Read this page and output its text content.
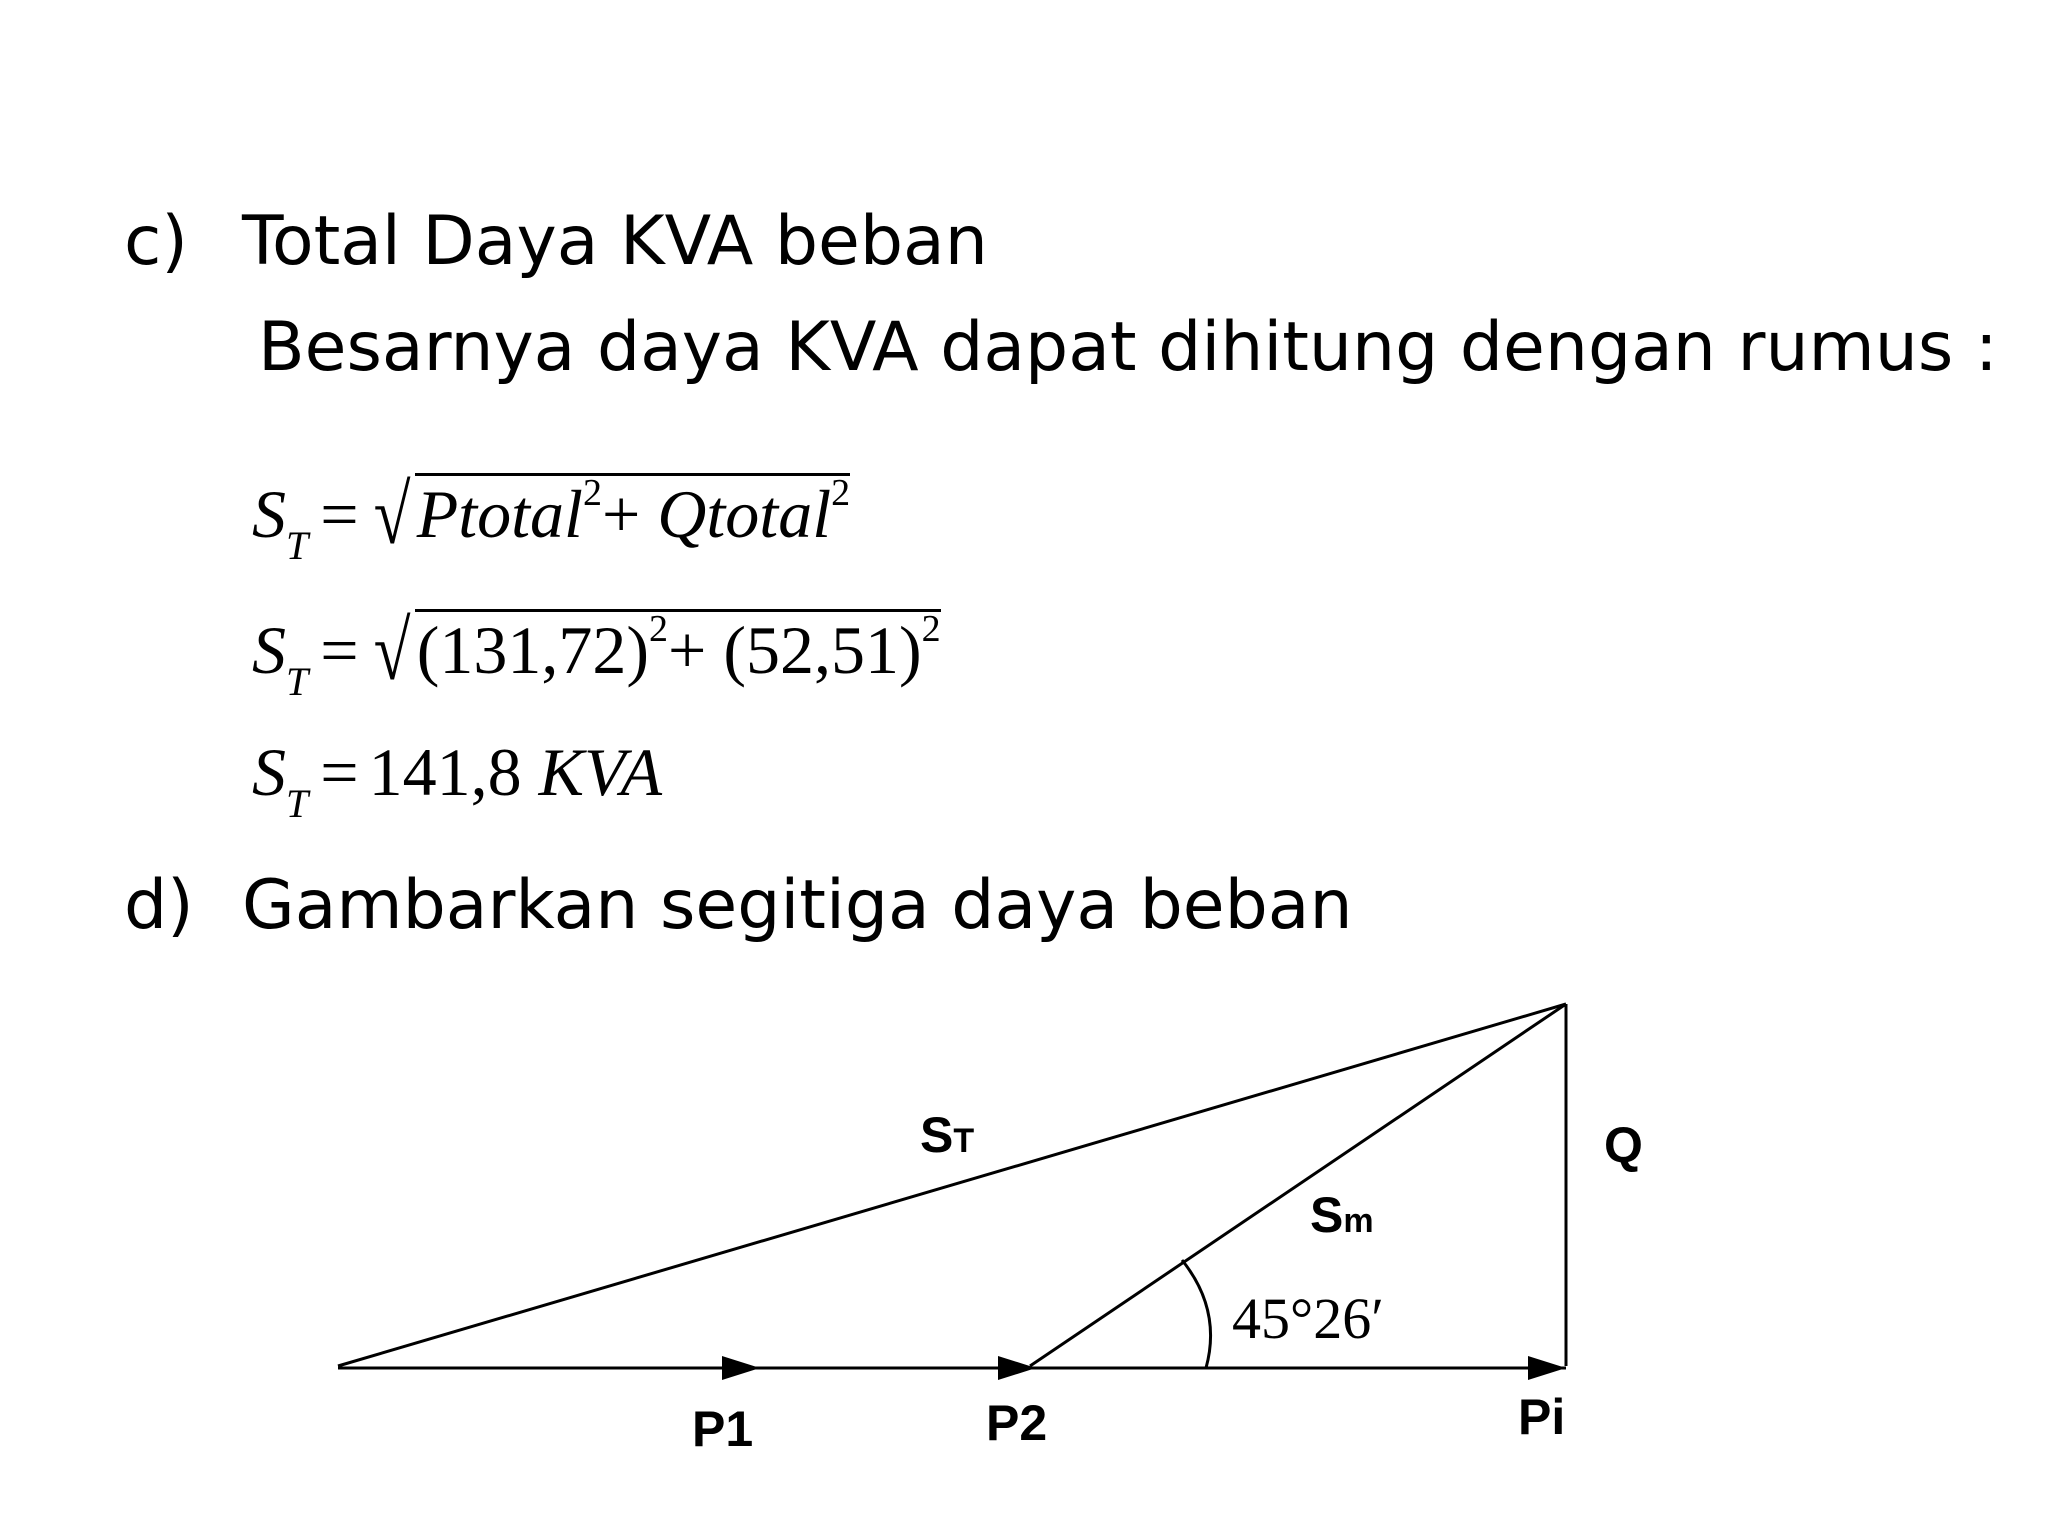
c) Total Daya KVA beban
Besarnya daya KVA dapat dihitung dengan rumus :
$S_T$ = √Ptotal$^2$+ Qtotal$^2$
$S_T = √(131,72)^2+ (52,51)^2$
$S_T = 141,8$ KVA
d) Gambarkan segitiga daya beban
ST
Sm
Q
45°26′
P1	P2	Pi
